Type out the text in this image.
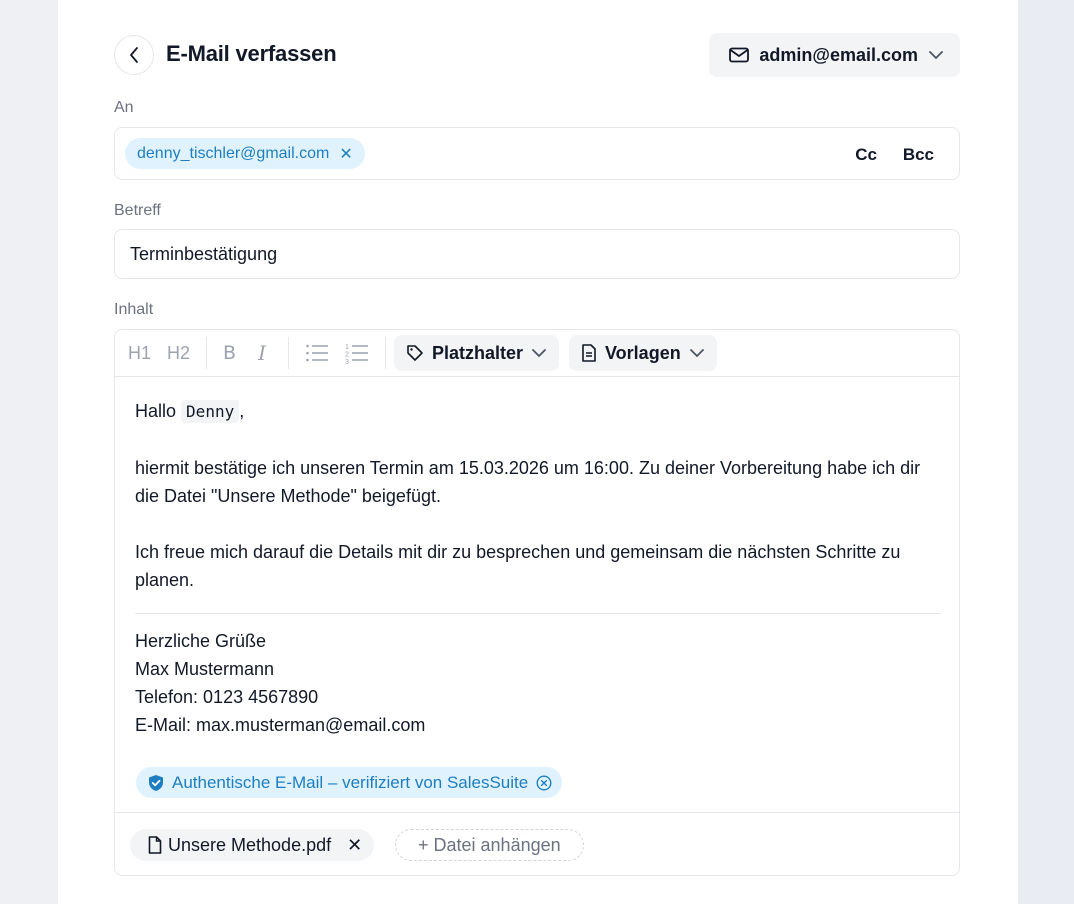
E-Mail verfassen	admin@email.com
An
denny_tischler@gmail.com ✕	Cc Bcc
Betreff
Terminbestätigung
Inhalt
H1 H2 B I	1
2
3	Platzhalter	Vorlagen

Hallo Denny ,

hiermit bestätige ich unseren Termin am 15.03.2026 um 16:00. Zu deiner Vorbereitung habe ich dir die Datei "Unsere Methode" beigefügt.

Ich freue mich darauf die Details mit dir zu besprechen und gemeinsam die nächsten Schritte zu planen.

Herzliche Grüße
Max Mustermann
Telefon: 0123 4567890
E-Mail: max.musterman@email.com
Authentische E-Mail – verifiziert von SalesSuite
Unsere Methode.pdf ✕	+ Datei anhängen
